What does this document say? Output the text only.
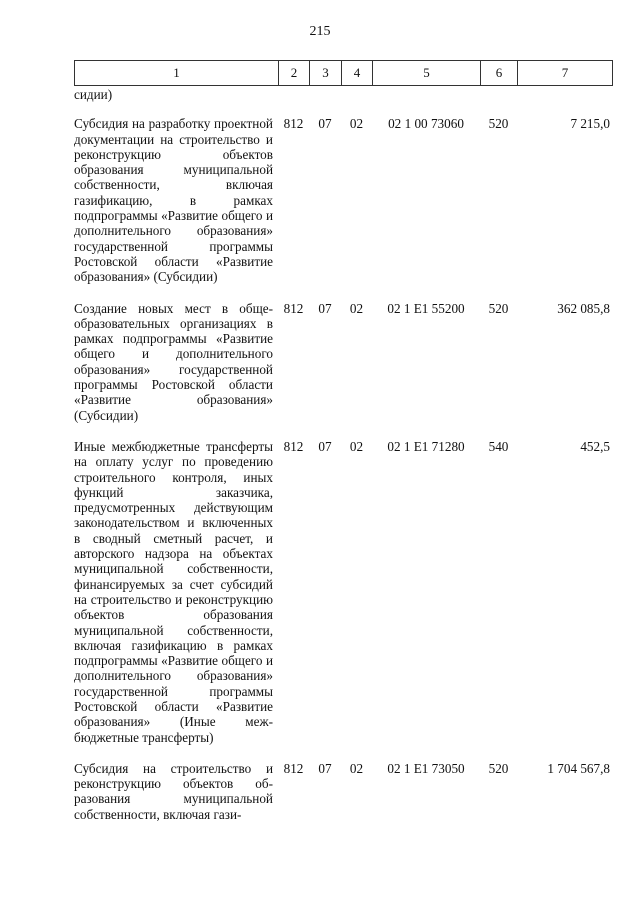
215
1	2	3	4	5	6	7
сидии)						
Субсидия на разработку проектной документации на строительство и реконструкцию объектов образования муниципальной собственности, включая газификацию, в рамках подпрограммы «Развитие общего и дополнительного образования» государственной программы Ростовской области «Развитие образования» (Субсидии)	812	07	02	02 1 00 73060	520	7 215,0
Создание новых мест в общеобразовательных организациях в рамках подпрограммы «Развитие общего и дополнительного образования» государственной программы Ростовской области «Развитие образования» (Субсидии)	812	07	02	02 1 E1 55200	520	362 085,8
Иные межбюджетные трансферты на оплату услуг по проведению строительного контроля, иных функций заказчика, предусмотренных действующим законодательством и включенных в сводный сметный расчет, и авторского надзора на объектах муниципальной собственности, финансируемых за счет субсидий на строительство и реконструкцию объектов образования муниципальной собственности, включая газификацию в рамках подпрограммы «Развитие общего и дополнительного образования» государственной программы Ростовской области «Развитие образования» (Иные межбюджетные трансферты)	812	07	02	02 1 E1 71280	540	452,5
Субсидия на строительство и реконструкцию объектов образования муниципальной собственности, включая гази-	812	07	02	02 1 E1 73050	520	1 704 567,8
